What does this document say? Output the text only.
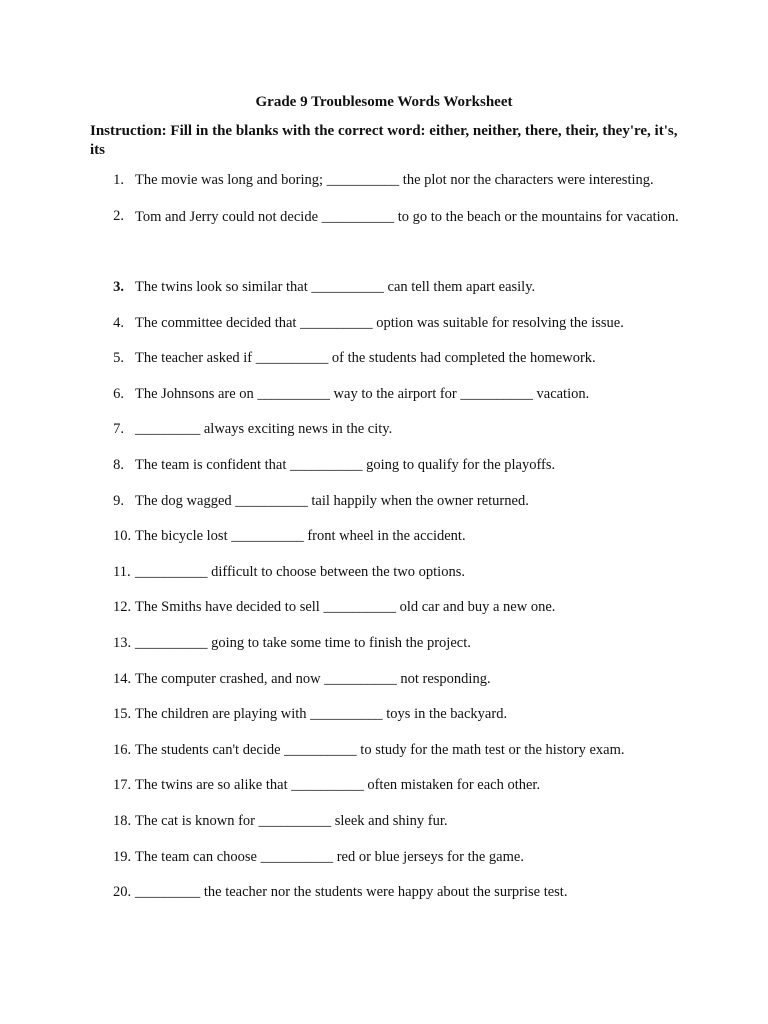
Grade 9 Troublesome Words Worksheet

Instruction: Fill in the blanks with the correct word: either, neither, there, their, they're, it's, its

1. The movie was long and boring; __________ the plot nor the characters were interesting.
2. Tom and Jerry could not decide __________ to go to the beach or the mountains for vacation.
3. The twins look so similar that __________ can tell them apart easily.
4. The committee decided that __________ option was suitable for resolving the issue.
5. The teacher asked if __________ of the students had completed the homework.
6. The Johnsons are on __________ way to the airport for __________ vacation.
7. _________ always exciting news in the city.
8. The team is confident that __________ going to qualify for the playoffs.
9. The dog wagged __________ tail happily when the owner returned.
10. The bicycle lost __________ front wheel in the accident.
11. __________ difficult to choose between the two options.
12. The Smiths have decided to sell __________ old car and buy a new one.
13. __________ going to take some time to finish the project.
14. The computer crashed, and now __________ not responding.
15. The children are playing with __________ toys in the backyard.
16. The students can't decide __________ to study for the math test or the history exam.
17. The twins are so alike that __________ often mistaken for each other.
18. The cat is known for __________ sleek and shiny fur.
19. The team can choose __________ red or blue jerseys for the game.
20. _________ the teacher nor the students were happy about the surprise test.
